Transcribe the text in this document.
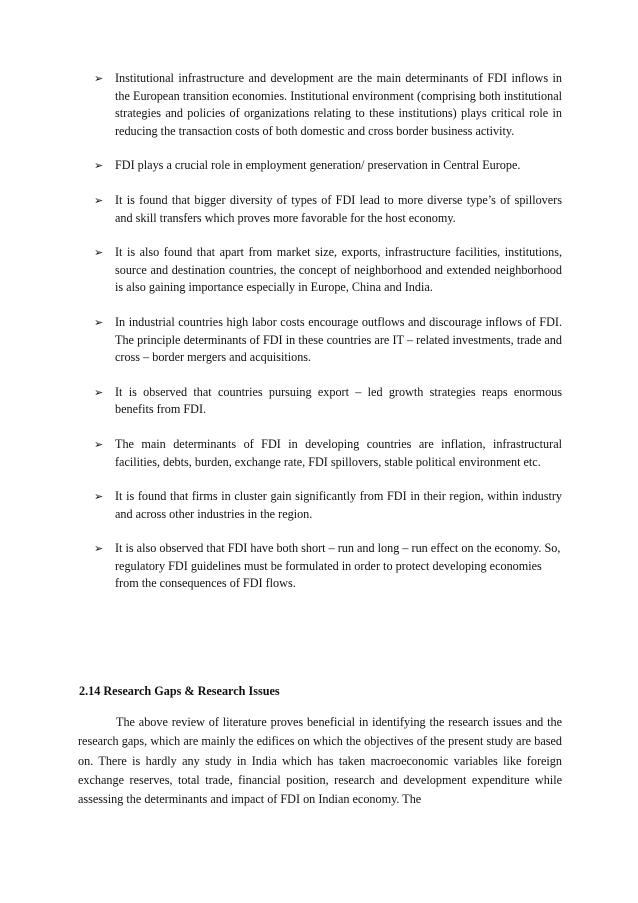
➢ Institutional infrastructure and development are the main determinants of FDI inflows in the European transition economies. Institutional environment (comprising both institutional strategies and policies of organizations relating to these institutions) plays critical role in reducing the transaction costs of both domestic and cross border business activity.
➢ FDI plays a crucial role in employment generation/ preservation in Central Europe.
➢ It is found that bigger diversity of types of FDI lead to more diverse type’s of spillovers and skill transfers which proves more favorable for the host economy.
➢ It is also found that apart from market size, exports, infrastructure facilities, institutions, source and destination countries, the concept of neighborhood and extended neighborhood is also gaining importance especially in Europe, China and India.
➢ In industrial countries high labor costs encourage outflows and discourage inflows of FDI. The principle determinants of FDI in these countries are IT – related investments, trade and cross – border mergers and acquisitions.
➢ It is observed that countries pursuing export – led growth strategies reaps enormous benefits from FDI.
➢ The main determinants of FDI in developing countries are inflation, infrastructural facilities, debts, burden, exchange rate, FDI spillovers, stable political environment etc.
➢ It is found that firms in cluster gain significantly from FDI in their region, within industry and across other industries in the region.
➢ It is also observed that FDI have both short – run and long – run effect on the economy. So, regulatory FDI guidelines must be formulated in order to protect developing economies from the consequences of FDI flows.
2.14 Research Gaps & Research Issues

The above review of literature proves beneficial in identifying the research issues and the research gaps, which are mainly the edifices on which the objectives of the present study are based on. There is hardly any study in India which has taken macroeconomic variables like foreign exchange reserves, total trade, financial position, research and development expenditure while assessing the determinants and impact of FDI on Indian economy. The
